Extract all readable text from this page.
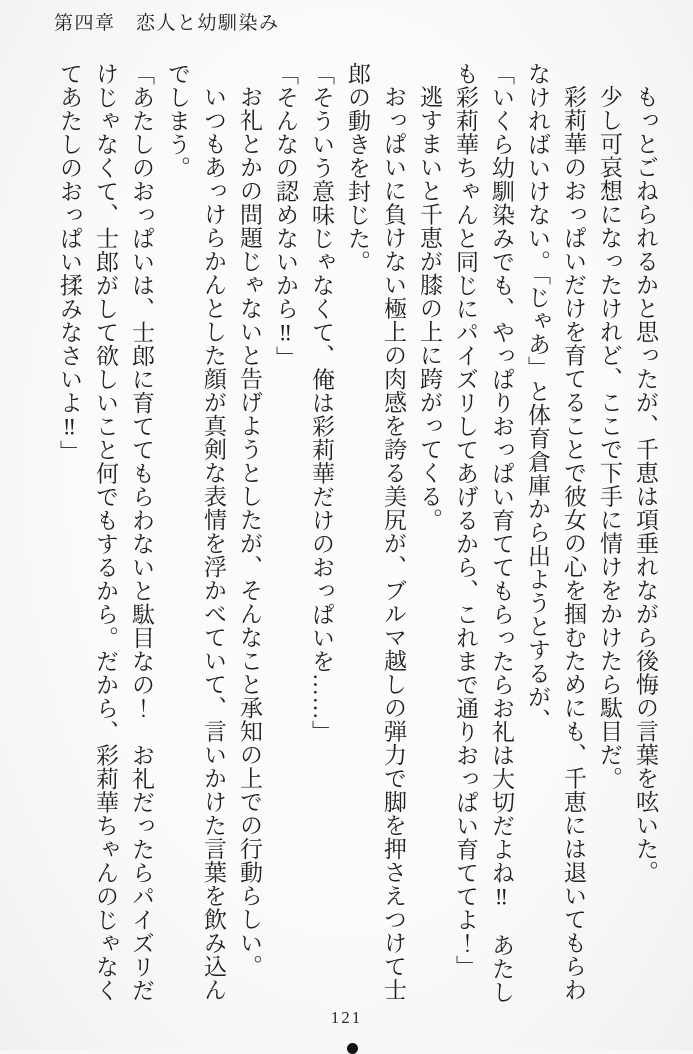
第四章　恋人と幼馴染み

もっとごねられるかと思ったが、千恵は項垂れながら後悔の言葉を呟いた。

少し可哀想になったけれど、ここで下手に情けをかけたら駄目だ。

彩莉華のおっぱいだけを育てることで彼女の心を掴むためにも、千恵には退いてもらわなければいけない。「じゃあ」と体育倉庫から出ようとするが、

「いくら幼馴染みでも、やっぱりおっぱい育ててもらったらお礼は大切だよね‼　あたしも彩莉華ちゃんと同じにパイズリしてあげるから、これまで通りおっぱい育ててよ！」

逃すまいと千恵が膝の上に跨がってくる。

おっぱいに負けない極上の肉感を誇る美尻が、ブルマ越しの弾力で脚を押さえつけて士郎の動きを封じた。

「そういう意味じゃなくて、俺は彩莉華だけのおっぱいを……」

「そんなの認めないから‼」

お礼とかの問題じゃないと告げようとしたが、そんなこと承知の上での行動らしい。

いつもあっけらかんとした顔が真剣な表情を浮かべていて、言いかけた言葉を飲み込んでしまう。

「あたしのおっぱいは、士郎に育ててもらわないと駄目なの！　お礼だったらパイズリだけじゃなくて、士郎がして欲しいこと何でもするから。だから、彩莉華ちゃんのじゃなくてあたしのおっぱい揉みなさいよ‼」

121
